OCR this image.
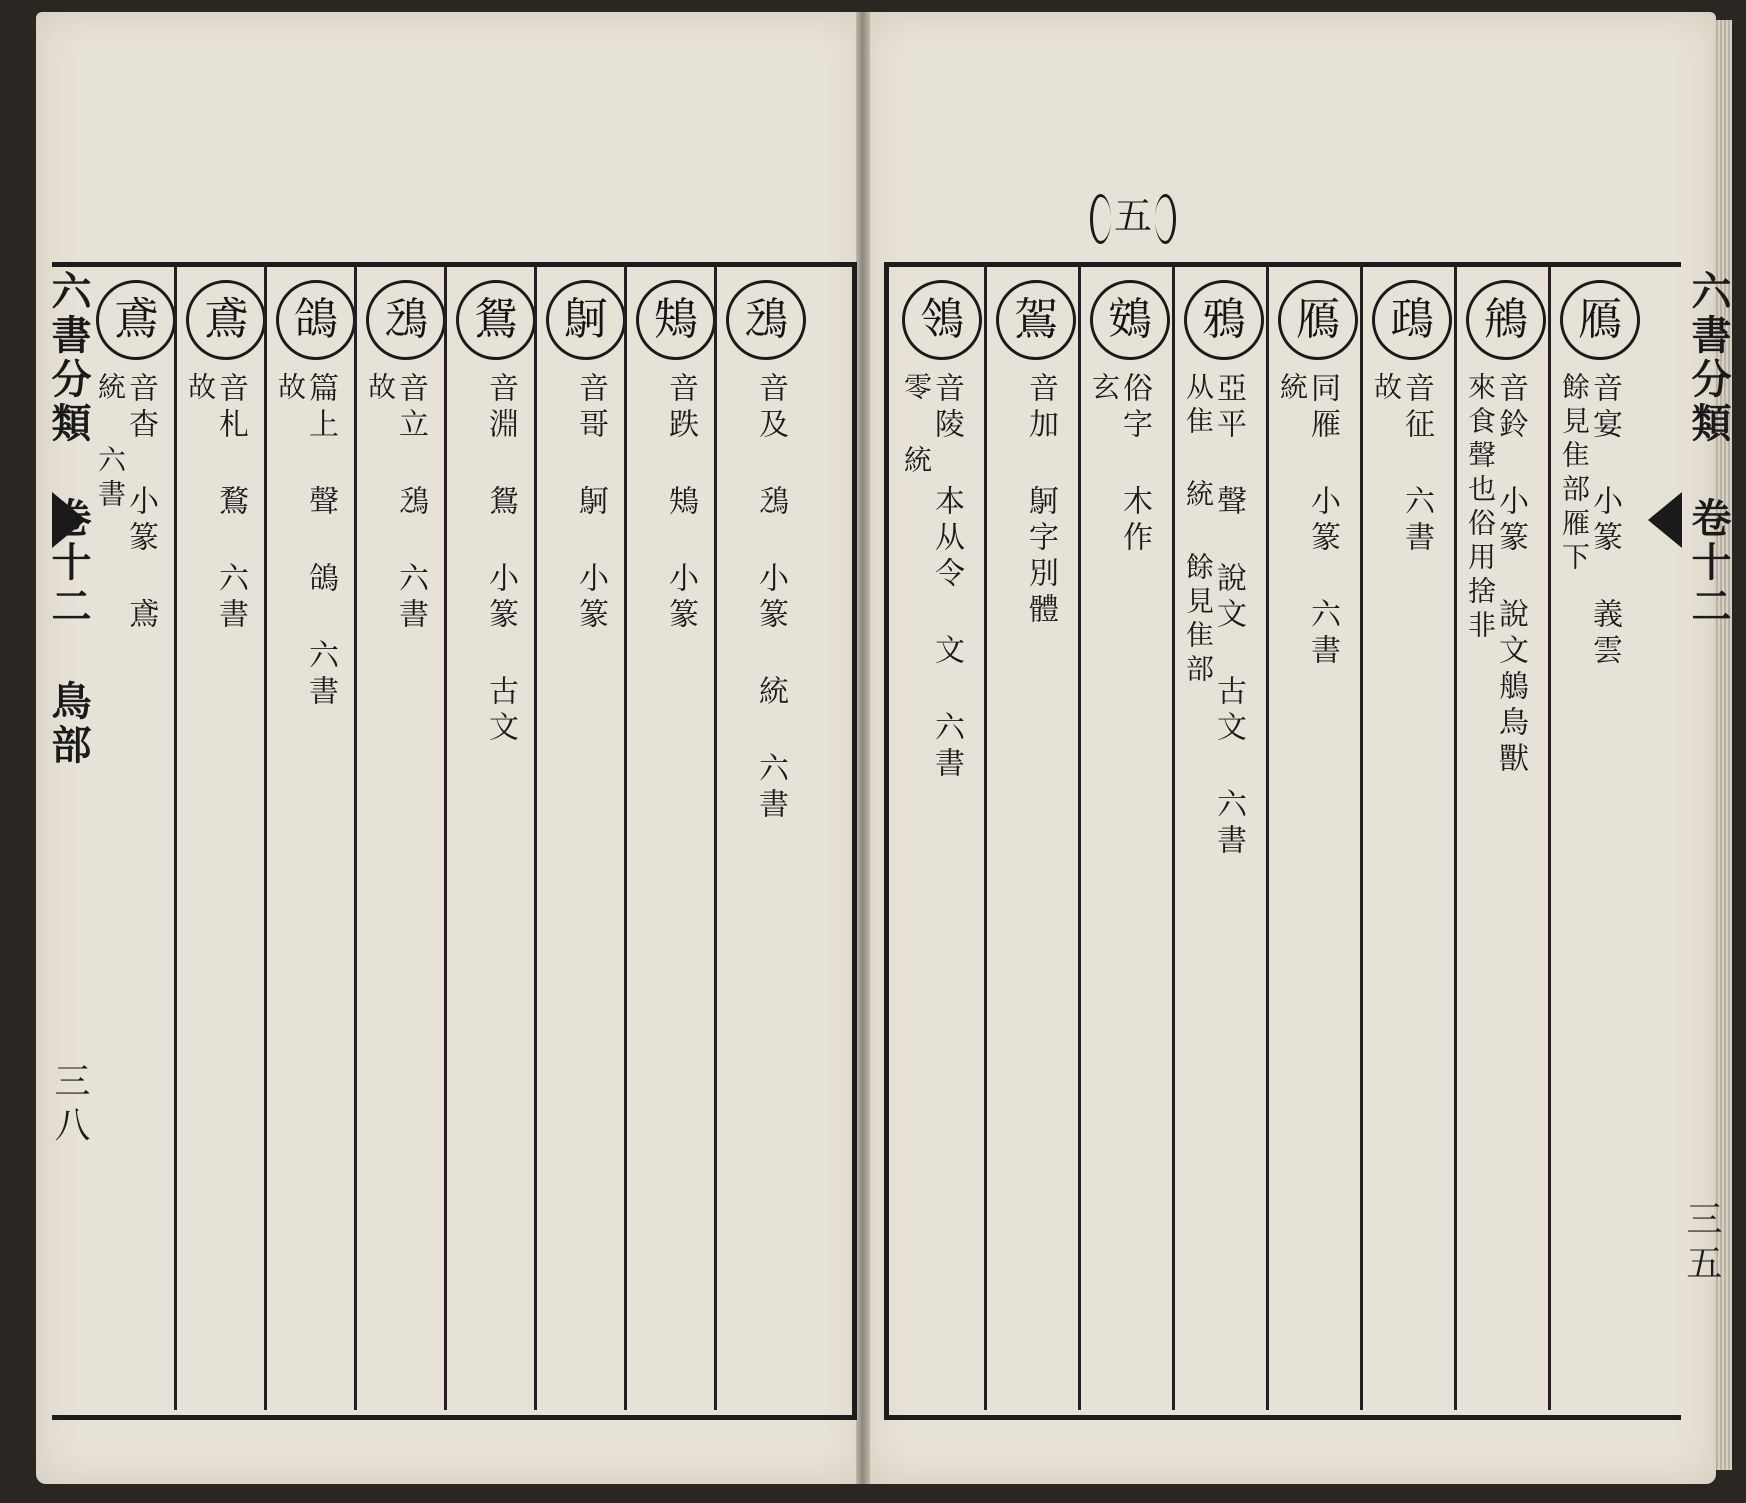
五
六書分類 卷十二 鳥部	六書分類 卷十二
三八
三五
鳶
音杳 小篆 鳶
統 六書
鳶
音札 鶩 六書
故
鴿
篇上 聲 鴿 六書
故
鴔
音立 鴔 六書
故
鴛
音淵 鴛 小篆 古文
鴚
音哥 鴚 小篆
鴩
音跌 鴩 小篆
鴔
音及 鴔 小篆 統 六書
鴒
音陵 本从令 文 六書
零 統
鴐
音加 鴚字別體
鴳
俗字 木作
玄
鴉
亞平 聲 說文 古文 六書
从隹 統 餘見隹部
鴈
同雁 小篆 六書
統
鴊
音征 六書
故
鴘
音鈴 小篆 說文鵃鳥獸
來食聲也俗用捨非
鴈
音宴 小篆 義雲
餘見隹部雁下
